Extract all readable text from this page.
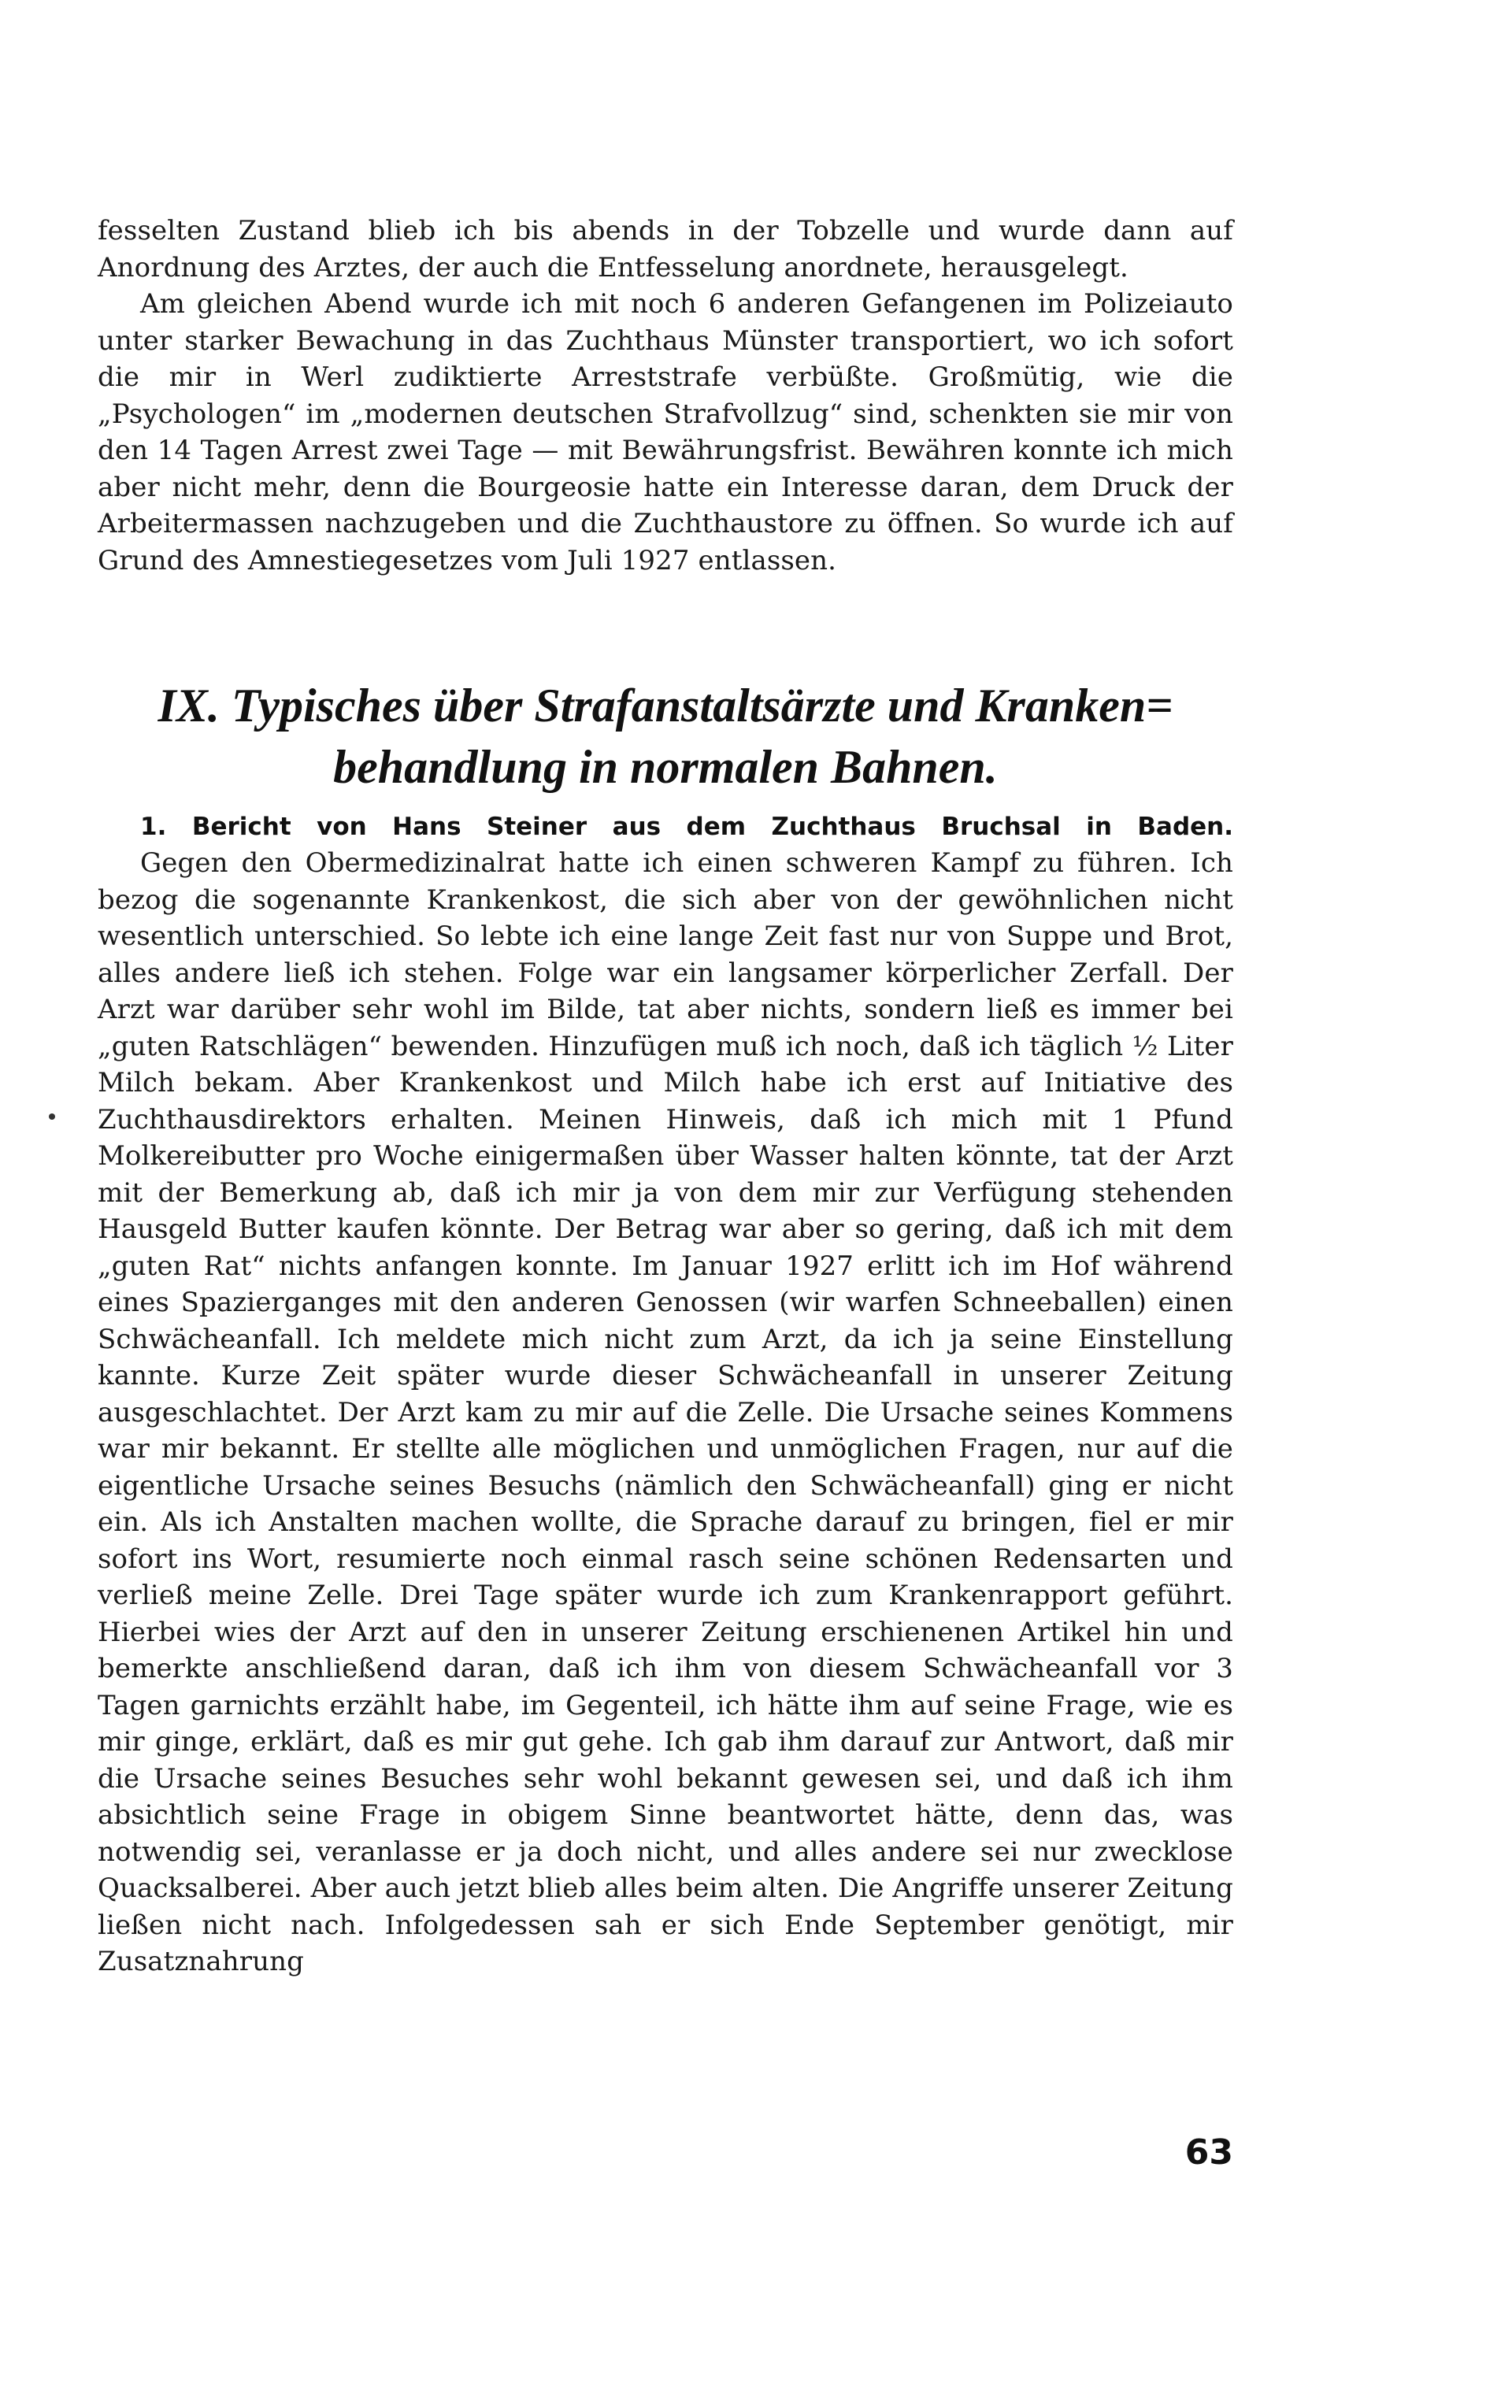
fesselten Zustand blieb ich bis abends in der Tobzelle und wurde dann auf Anordnung des Arztes, der auch die Entfesselung anordnete, herausgelegt.

Am gleichen Abend wurde ich mit noch 6 anderen Gefangenen im Polizeiauto unter starker Bewachung in das Zuchthaus Münster transportiert, wo ich sofort die mir in Werl zudiktierte Arreststrafe verbüßte. Großmütig, wie die „Psychologen“ im „modernen deutschen Strafvollzug“ sind, schenkten sie mir von den 14 Tagen Arrest zwei Tage — mit Bewährungsfrist. Bewähren konnte ich mich aber nicht mehr, denn die Bourgeosie hatte ein Interesse daran, dem Druck der Arbeitermassen nachzugeben und die Zuchthaustore zu öffnen. So wurde ich auf Grund des Amnestiegesetzes vom Juli 1927 entlassen.

IX. Typisches über Strafanstaltsärzte und Kranken=
behandlung in normalen Bahnen.
1. Bericht von Hans Steiner aus dem Zuchthaus Bruchsal in Baden.

Gegen den Obermedizinalrat hatte ich einen schweren Kampf zu führen. Ich bezog die sogenannte Krankenkost, die sich aber von der gewöhnlichen nicht wesentlich unterschied. So lebte ich eine lange Zeit fast nur von Suppe und Brot, alles andere ließ ich stehen. Folge war ein langsamer körperlicher Zerfall. Der Arzt war darüber sehr wohl im Bilde, tat aber nichts, sondern ließ es immer bei „guten Ratschlägen“ bewenden. Hinzufügen muß ich noch, daß ich täglich ½ Liter Milch bekam. Aber Krankenkost und Milch habe ich erst auf Initiative des Zuchthausdirektors erhalten. Meinen Hinweis, daß ich mich mit 1 Pfund Molkereibutter pro Woche einigermaßen über Wasser halten könnte, tat der Arzt mit der Bemerkung ab, daß ich mir ja von dem mir zur Verfügung stehenden Hausgeld Butter kaufen könnte. Der Betrag war aber so gering, daß ich mit dem „guten Rat“ nichts anfangen konnte. Im Januar 1927 erlitt ich im Hof während eines Spazierganges mit den anderen Genossen (wir warfen Schneeballen) einen Schwächeanfall. Ich meldete mich nicht zum Arzt, da ich ja seine Einstellung kannte. Kurze Zeit später wurde dieser Schwächeanfall in unserer Zeitung ausgeschlachtet. Der Arzt kam zu mir auf die Zelle. Die Ursache seines Kommens war mir bekannt. Er stellte alle möglichen und unmöglichen Fragen, nur auf die eigentliche Ursache seines Besuchs (nämlich den Schwächeanfall) ging er nicht ein. Als ich Anstalten machen wollte, die Sprache darauf zu bringen, fiel er mir sofort ins Wort, resumierte noch einmal rasch seine schönen Redensarten und verließ meine Zelle. Drei Tage später wurde ich zum Krankenrapport geführt. Hierbei wies der Arzt auf den in unserer Zeitung erschienenen Artikel hin und bemerkte anschließend daran, daß ich ihm von diesem Schwächeanfall vor 3 Tagen garnichts erzählt habe, im Gegenteil, ich hätte ihm auf seine Frage, wie es mir ginge, erklärt, daß es mir gut gehe. Ich gab ihm darauf zur Antwort, daß mir die Ursache seines Besuches sehr wohl bekannt gewesen sei, und daß ich ihm absichtlich seine Frage in obigem Sinne beantwortet hätte, denn das, was notwendig sei, veranlasse er ja doch nicht, und alles andere sei nur zwecklose Quacksalberei. Aber auch jetzt blieb alles beim alten. Die Angriffe unserer Zeitung ließen nicht nach. Infolgedessen sah er sich Ende September genötigt, mir Zusatznahrung

63
